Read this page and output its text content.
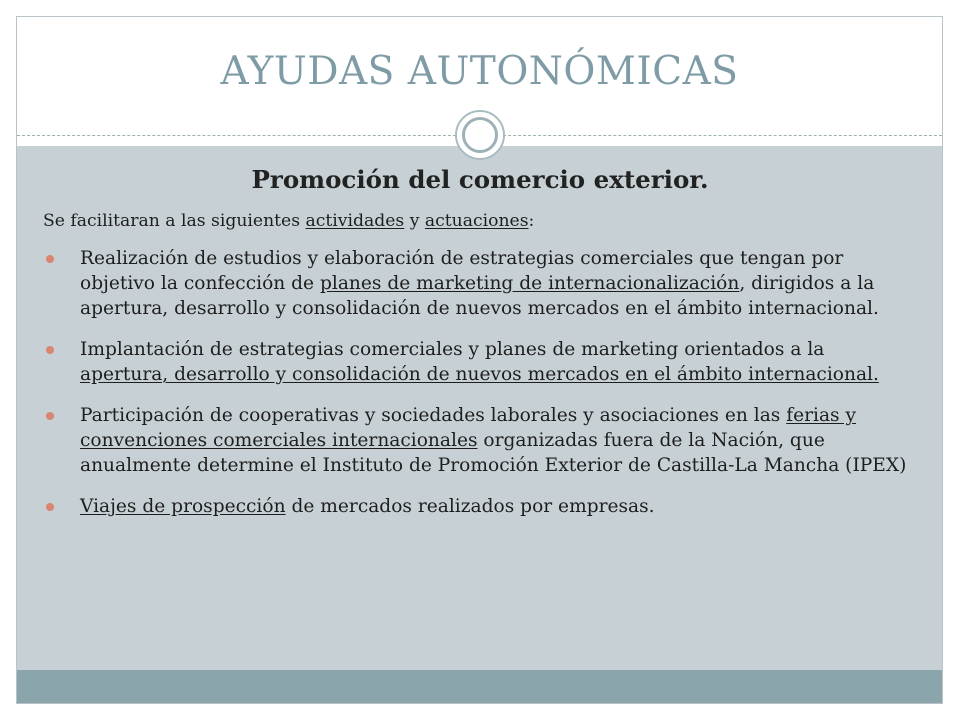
AYUDAS AUTONÓMICAS
Promoción del comercio exterior.

Se facilitaran a las siguientes actividades y actuaciones:

Realización de estudios y elaboración de estrategias comerciales que tengan por objetivo la confección de planes de marketing de internacionalización, dirigidos a la apertura, desarrollo y consolidación de nuevos mercados en el ámbito internacional.
Implantación de estrategias comerciales y planes de marketing orientados a la apertura, desarrollo y consolidación de nuevos mercados en el ámbito internacional.
Participación de cooperativas y sociedades laborales y asociaciones en las ferias y convenciones comerciales internacionales organizadas fuera de la Nación, que anualmente determine el Instituto de Promoción Exterior de Castilla-La Mancha (IPEX)
Viajes de prospección de mercados realizados por empresas.
